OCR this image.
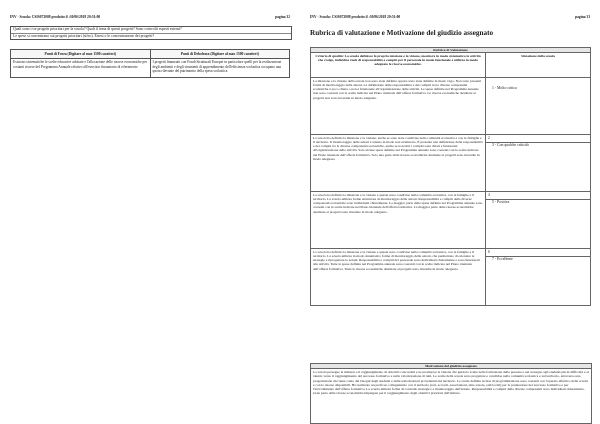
INV - Scuola: CSIS072008 prodotto il :30/06/2018 20:51:00	pagina 32
Quali sono i tre progetti prioritari per la scuola? Quali il tema di questi progetti? Sono coinvolti esperti esterni?
Le spese si concentrano sui progetti prioritari (sì/no). Estesi o le concentrazione dei progetti?
Punti di Forza (Digitare al max 1500 caratteri)	Punti di Debolezza (Digitare al max 1500 caratteri)
Esistono sistematiche le scelte educative adottate e l'allocazione delle risorse economiche per costanti risorse del Programma Annuale relativo all'esercizio finanziario di riferimento	I progetti finanziati con Fondi Strutturali Europei in particolare quelli per la realizzazione degli ambienti e degli strumenti di apprendimento dell'efficienza scolastica occupano una quota rilevante del patrimonio della spesa scolastica
INV - Scuola: CSIS072008 prodotto il :30/06/2018 20:51:00	pagina 33
Rubrica di valutazione e Motivazione del giudizio assegnato
Rubrica di Valutazione	
Criterio di qualità: La scuola definisce la propria missione e la visione, monitora in modo sistematico le attività che svolge, individua ruoli di responsabilità e compiti per il personale in modo funzionale e utilizza in modo adeguato le risorse economiche.	Situazione della scuola
La missione e la visione della scuola non sono state definite oppure sono state definite in modo vago. Non sono presenti forme di monitoraggio delle azioni. La definizione delle responsabilità e dei compiti tra le diverse componenti scolastiche è poco chiara o non è funzionale all'organizzazione delle attività. Le spese definite nel Programma annuale non sono coerenti con le scelte indicate nel Piano triennale dell'offerta formativa. Le risorse economiche destinate ai progetti non sono investite in modo adeguato.	1 - Molto critica

La scuola ha definito la missione e la visione, anche se sono state condivise nella comunità scolastica e con le famiglie e il territorio. Il monitoraggio delle azioni è attuato in modo non strutturato. È presente una definizione delle responsabilità e dei compiti tra le diverse componenti scolastiche, anche se non tutti i compiti sono chiari e funzionali all'organizzazione delle attività. Solo alcune spese definite nel Programma annuale sono coerenti con le scelte indicate nel Piano triennale dell'offerta formativa. Solo una parte delle risorse economiche destinate ai progetti sono investite in modo adeguato.	2
3 - Con qualche criticità

La scuola ha definito la missione e la visione e queste sono condivise nella comunità scolastica, con le famiglie e il territorio. La scuola utilizza forme strutturate di monitoraggio delle azioni. Responsabilità e compiti delle diverse componenti scolastiche sono individuati chiaramente. La maggior parte delle spese definite nel Programma annuale sono coerenti con le scelte indicate nel Piano triennale dell'offerta formativa. La maggior parte delle risorse economiche destinate ai progetti sono investite in modo adeguato.	4
5 - Positiva

La scuola ha definito la missione e la visione e queste sono condivise nella comunità scolastica, con le famiglie e il territorio. La scuola utilizza in modo sistematico forme di monitoraggio delle azioni, che permettono di orientare le strategie e riprogettare le azioni. Responsabilità e compiti del personale sono individuati chiaramente e sono funzionali alle attività. Tutte le spese definite nel Programma annuale sono coerenti con le scelte indicate nel Piano triennale dell'offerta formativa. Tutte le risorse economiche destinate ai progetti sono investite in modo adeguato.	6
7 - Eccellente
Motivazione del giudizio assegnato
La scuola persegue la mission e il raggiungimento di obiettivi concordati e ne promuove la visione che guida le scelte nella formazione delle persone e nel sostegno agli studenti più in difficoltà e ai talenti, verso il raggiungimento del successo formativo e nella valorizzazione di tutti. Le scelte della scuola sono progettate e condivise nella comunità scolastica e sul territorio, attraverso una progettazione che tiene conto dei bisogni degli studenti e delle sollecitazioni provenienti dal territorio. Le scelte definite in fase di programmazione sono coerenti con l'operato effettivo della scuola e con le risorse disponibili. Ha realizzato un proficuo collegamento con il territorio (reti, accordi, associazioni, altre scuole, enti locali) per la promozione del successo formativo e per l'arricchimento dell'offerta formativa. La scuola utilizza forme di controllo strategico e monitoraggio dell'azione. Responsabilità e compiti delle diverse componenti sono individuati chiaramente. Gran parte delle risorse economiche impiegate per il raggiungimento degli obiettivi prioritari dell'istituto.
